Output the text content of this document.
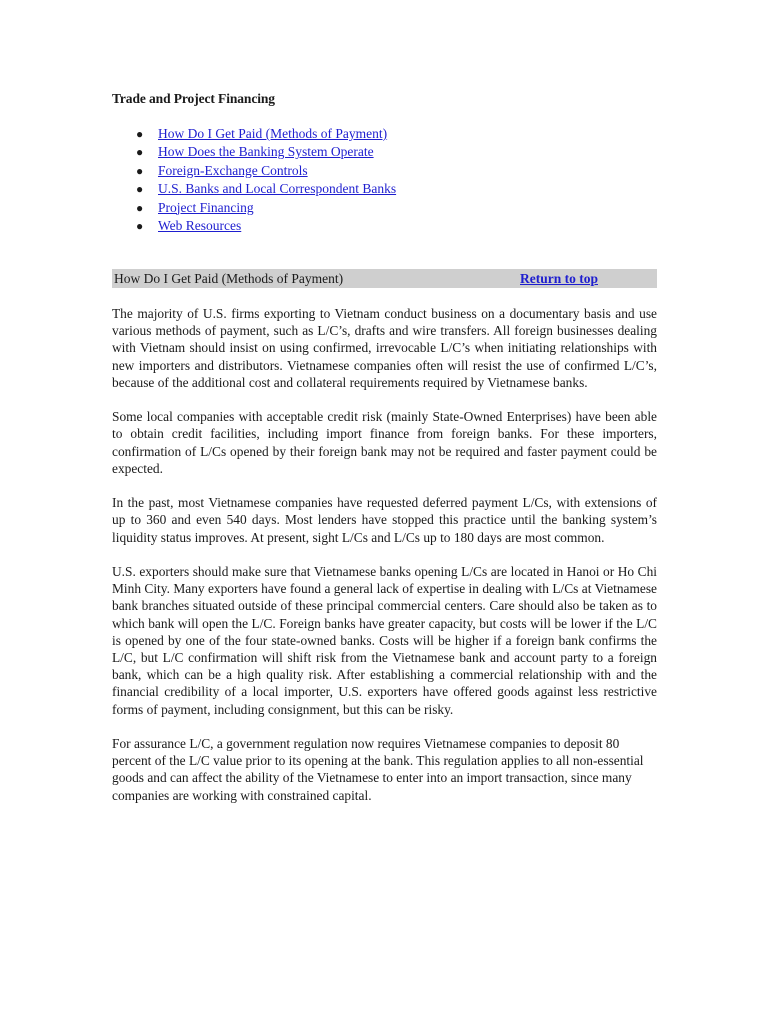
Trade and Project Financing
● How Do I Get Paid (Methods of Payment)
● How Does the Banking System Operate
● Foreign-Exchange Controls
● U.S. Banks and Local Correspondent Banks
● Project Financing
● Web Resources
How Do I Get Paid (Methods of Payment)	Return to top

The majority of U.S. firms exporting to Vietnam conduct business on a documentary basis and use various methods of payment, such as L/C’s, drafts and wire transfers. All foreign businesses dealing with Vietnam should insist on using confirmed, irrevocable L/C’s when initiating relationships with new importers and distributors. Vietnamese companies often will resist the use of confirmed L/C’s, because of the additional cost and collateral requirements required by Vietnamese banks.

Some local companies with acceptable credit risk (mainly State-Owned Enterprises) have been able to obtain credit facilities, including import finance from foreign banks. For these importers, confirmation of L/Cs opened by their foreign bank may not be required and faster payment could be expected.

In the past, most Vietnamese companies have requested deferred payment L/Cs, with extensions of up to 360 and even 540 days. Most lenders have stopped this practice until the banking system’s liquidity status improves. At present, sight L/Cs and L/Cs up to 180 days are most common.

U.S. exporters should make sure that Vietnamese banks opening L/Cs are located in Hanoi or Ho Chi Minh City. Many exporters have found a general lack of expertise in dealing with L/Cs at Vietnamese bank branches situated outside of these principal commercial centers. Care should also be taken as to which bank will open the L/C. Foreign banks have greater capacity, but costs will be lower if the L/C is opened by one of the four state-owned banks. Costs will be higher if a foreign bank confirms the L/C, but L/C confirmation will shift risk from the Vietnamese bank and account party to a foreign bank, which can be a high quality risk. After establishing a commercial relationship with and the financial credibility of a local importer, U.S. exporters have offered goods against less restrictive forms of payment, including consignment, but this can be risky.

For assurance L/C, a government regulation now requires Vietnamese companies to deposit 80 percent of the L/C value prior to its opening at the bank. This regulation applies to all non-essential goods and can affect the ability of the Vietnamese to enter into an import transaction, since many companies are working with constrained capital.
